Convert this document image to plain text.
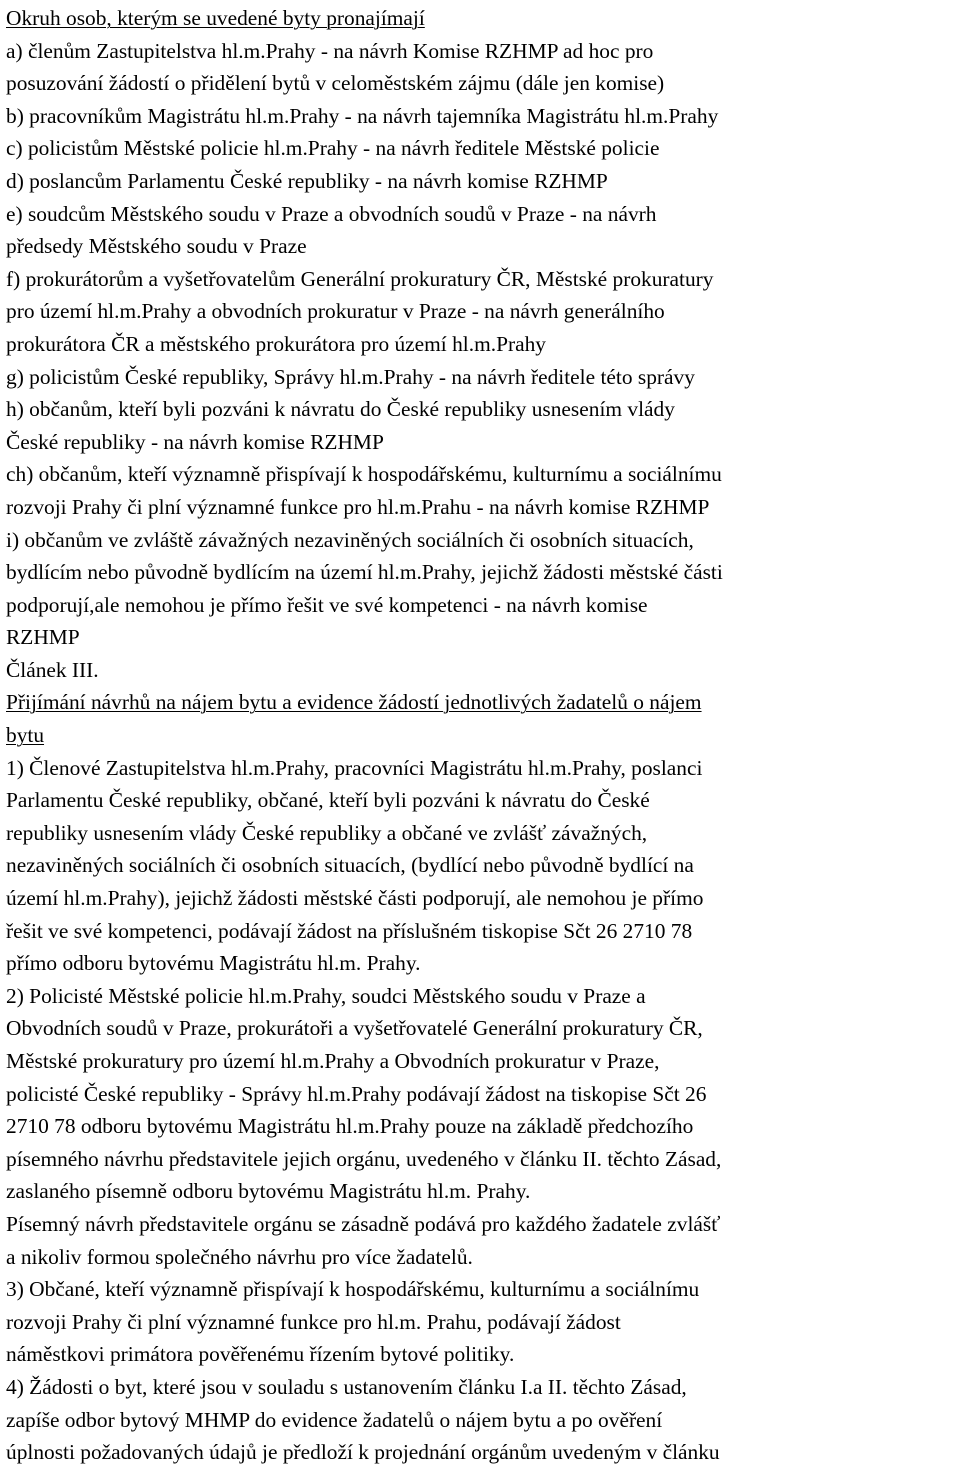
Okruh osob, kterým se uvedené byty pronajímají
a) členům Zastupitelstva hl.m.Prahy - na návrh Komise RZHMP ad hoc pro
posuzování žádostí o přidělení bytů v celoměstském zájmu (dále jen komise)
b) pracovníkům Magistrátu hl.m.Prahy - na návrh tajemníka Magistrátu hl.m.Prahy
c) policistům Městské policie hl.m.Prahy - na návrh ředitele Městské policie
d) poslancům Parlamentu České republiky - na návrh komise RZHMP
e) soudcům Městského soudu v Praze a obvodních soudů v Praze - na návrh
předsedy Městského soudu v Praze
f) prokurátorům a vyšetřovatelům Generální prokuratury ČR, Městské prokuratury
pro území hl.m.Prahy a obvodních prokuratur v Praze - na návrh generálního
prokurátora ČR a městského prokurátora pro území hl.m.Prahy
g) policistům České republiky, Správy hl.m.Prahy - na návrh ředitele této správy
h) občanům, kteří byli pozváni k návratu do České republiky usnesením vlády
České republiky - na návrh komise RZHMP
ch) občanům, kteří významně přispívají k hospodářskému, kulturnímu a sociálnímu
rozvoji Prahy či plní významné funkce pro hl.m.Prahu - na návrh komise RZHMP
i) občanům ve zvláště závažných nezaviněných sociálních či osobních situacích,
bydlícím nebo původně bydlícím na území hl.m.Prahy, jejichž žádosti městské části
podporují,ale nemohou je přímo řešit ve své kompetenci - na návrh komise
RZHMP
Článek III.
Přijímání návrhů na nájem bytu a evidence žádostí jednotlivých žadatelů o nájem
bytu
1) Členové Zastupitelstva hl.m.Prahy, pracovníci Magistrátu hl.m.Prahy, poslanci
Parlamentu České republiky, občané, kteří byli pozváni k návratu do České
republiky usnesením vlády České republiky a občané ve zvlášť závažných,
nezaviněných sociálních či osobních situacích, (bydlící nebo původně bydlící na
území hl.m.Prahy), jejichž žádosti městské části podporují, ale nemohou je přímo
řešit ve své kompetenci, podávají žádost na příslušném tiskopise Sčt 26 2710 78
přímo odboru bytovému Magistrátu hl.m. Prahy.
2) Policisté Městské policie hl.m.Prahy, soudci Městského soudu v Praze a
Obvodních soudů v Praze, prokurátoři a vyšetřovatelé Generální prokuratury ČR,
Městské prokuratury pro území hl.m.Prahy a Obvodních prokuratur v Praze,
policisté České republiky - Správy hl.m.Prahy podávají žádost na tiskopise Sčt 26
2710 78 odboru bytovému Magistrátu hl.m.Prahy pouze na základě předchozího
písemného návrhu představitele jejich orgánu, uvedeného v článku II. těchto Zásad,
zaslaného písemně odboru bytovému Magistrátu hl.m. Prahy.
Písemný návrh představitele orgánu se zásadně podává pro každého žadatele zvlášť
a nikoliv formou společného návrhu pro více žadatelů.
3) Občané, kteří významně přispívají k hospodářskému, kulturnímu a sociálnímu
rozvoji Prahy či plní významné funkce pro hl.m. Prahu, podávají žádost
náměstkovi primátora pověřenému řízením bytové politiky.
4) Žádosti o byt, které jsou v souladu s ustanovením článku I.a II. těchto Zásad,
zapíše odbor bytový MHMP do evidence žadatelů o nájem bytu a po ověření
úplnosti požadovaných údajů je předloží k projednání orgánům uvedeným v článku
